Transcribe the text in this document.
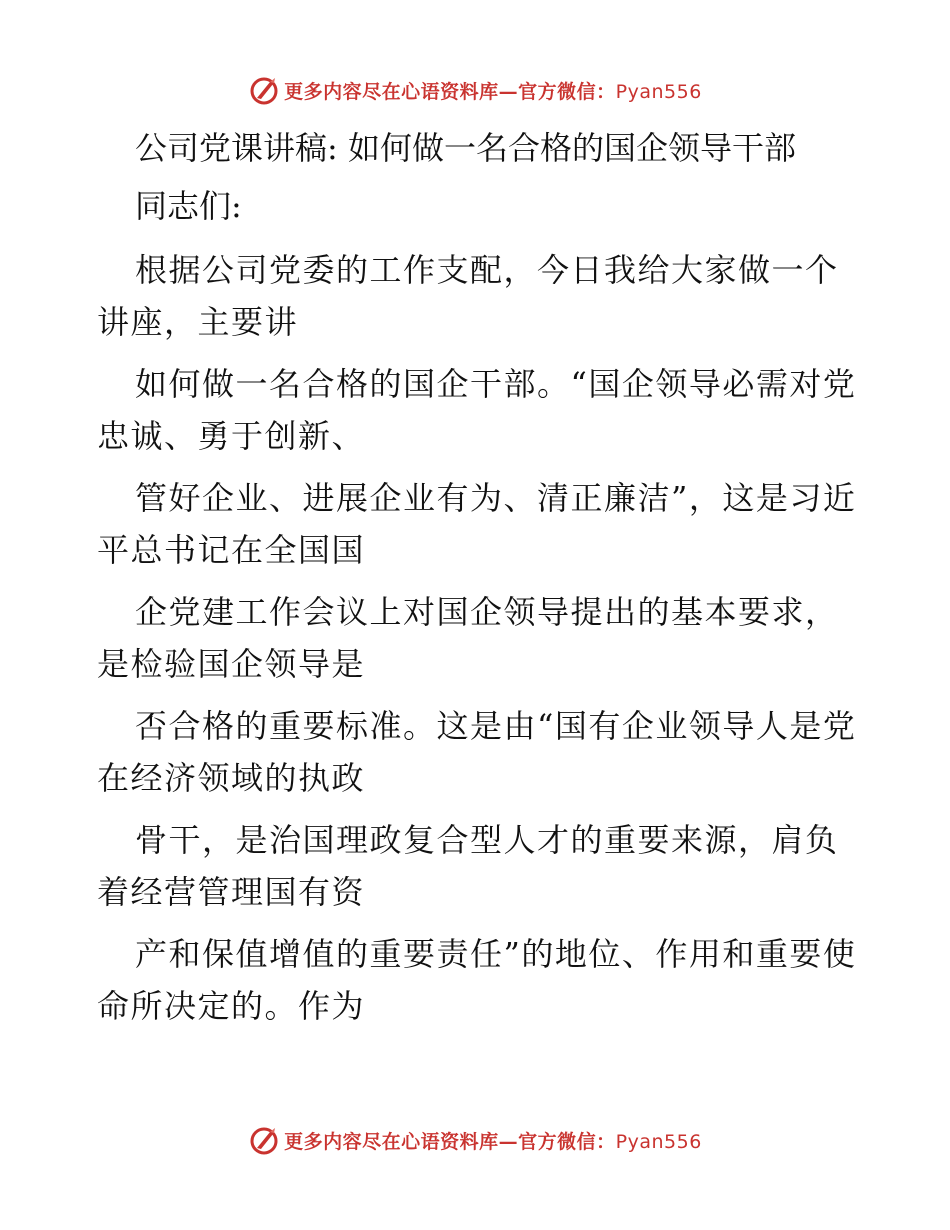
更多内容尽在心语资料库—官方微信：Pyan556
公司党课讲稿: 如何做一名合格的国企领导干部
同志们:

根据公司党委的工作支配，今日我给大家做一个讲座，主要讲

如何做一名合格的国企干部。“国企领导必需对党忠诚、勇于创新、

管好企业、进展企业有为、清正廉洁”，这是习近平总书记在全国国

企党建工作会议上对国企领导提出的基本要求，是检验国企领导是

否合格的重要标准。这是由“国有企业领导人是党在经济领域的执政

骨干，是治国理政复合型人才的重要来源，肩负着经营管理国有资

产和保值增值的重要责任”的地位、作用和重要使命所决定的。作为

更多内容尽在心语资料库—官方微信：Pyan556
